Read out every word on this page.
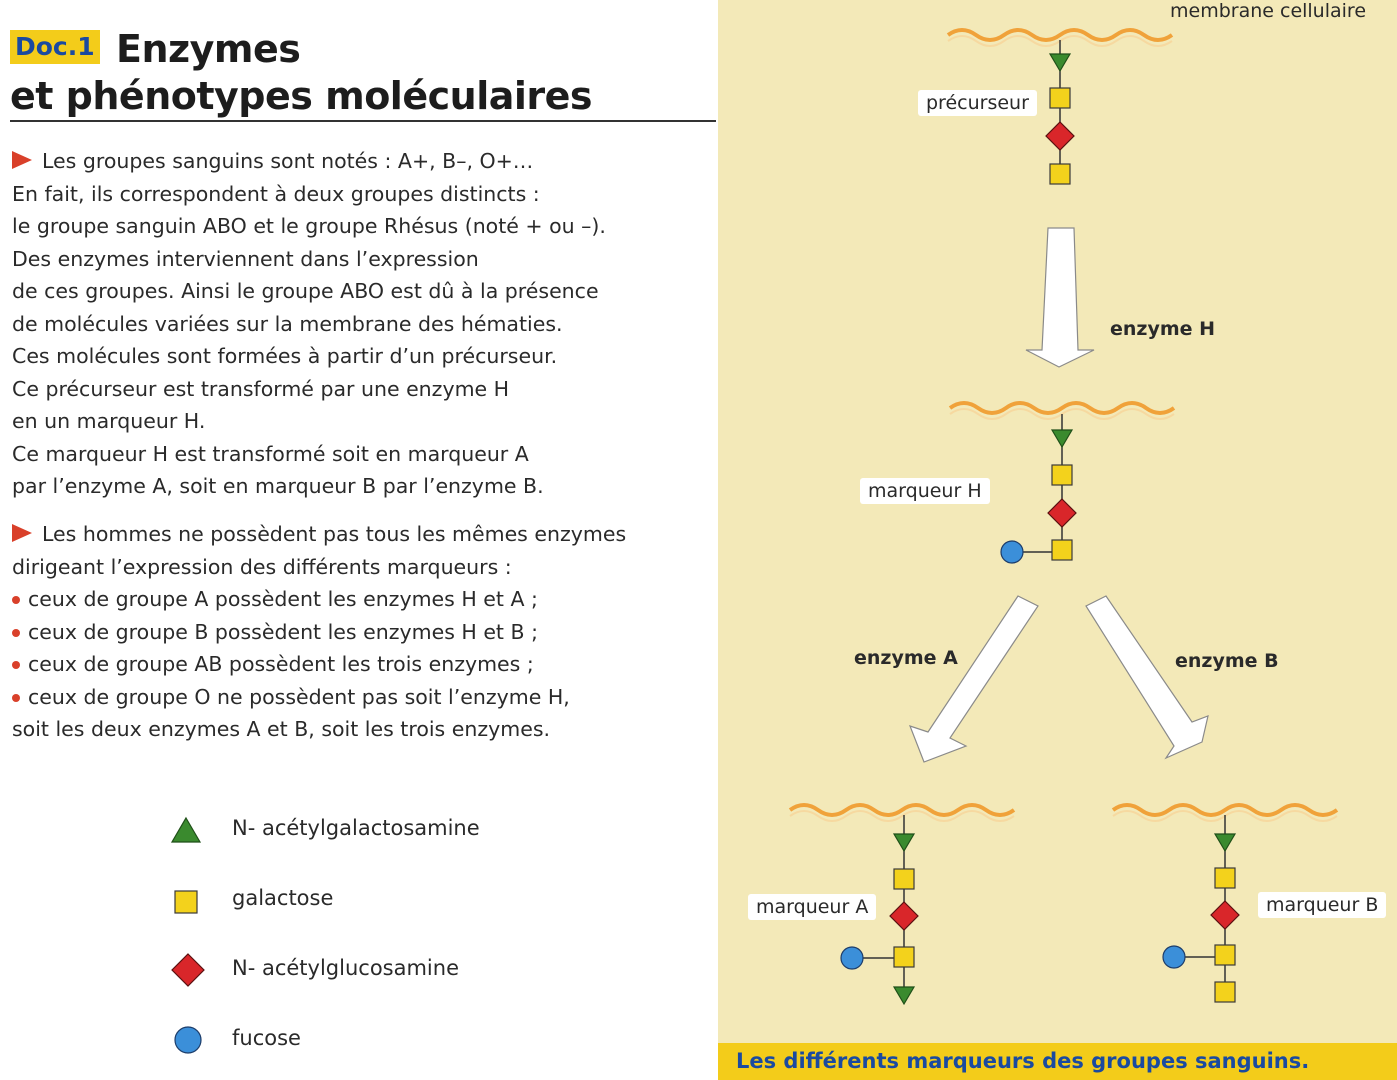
Doc.1 Enzymes
et phénotypes moléculaires
Les groupes sanguins sont notés : A+, B–, O+…
En fait, ils correspondent à deux groupes distincts :
le groupe sanguin ABO et le groupe Rhésus (noté + ou –).
Des enzymes interviennent dans l’expression
de ces groupes. Ainsi le groupe ABO est dû à la présence
de molécules variées sur la membrane des hématies.
Ces molécules sont formées à partir d’un précurseur.
Ce précurseur est transformé par une enzyme H
en un marqueur H.
Ce marqueur H est transformé soit en marqueur A
par l’enzyme A, soit en marqueur B par l’enzyme B.
Les hommes ne possèdent pas tous les mêmes enzymes
dirigeant l’expression des différents marqueurs :
ceux de groupe A possèdent les enzymes H et A ;
ceux de groupe B possèdent les enzymes H et B ;
ceux de groupe AB possèdent les trois enzymes ;
ceux de groupe O ne possèdent pas soit l’enzyme H,
soit les deux enzymes A et B, soit les trois enzymes.
N- acétylgalactosamine
galactose
N- acétylglucosamine
fucose
membrane cellulaire
précurseur
enzyme H
marqueur H
enzyme A	enzyme B
marqueur A	marqueur B
Les différents marqueurs des groupes sanguins.
